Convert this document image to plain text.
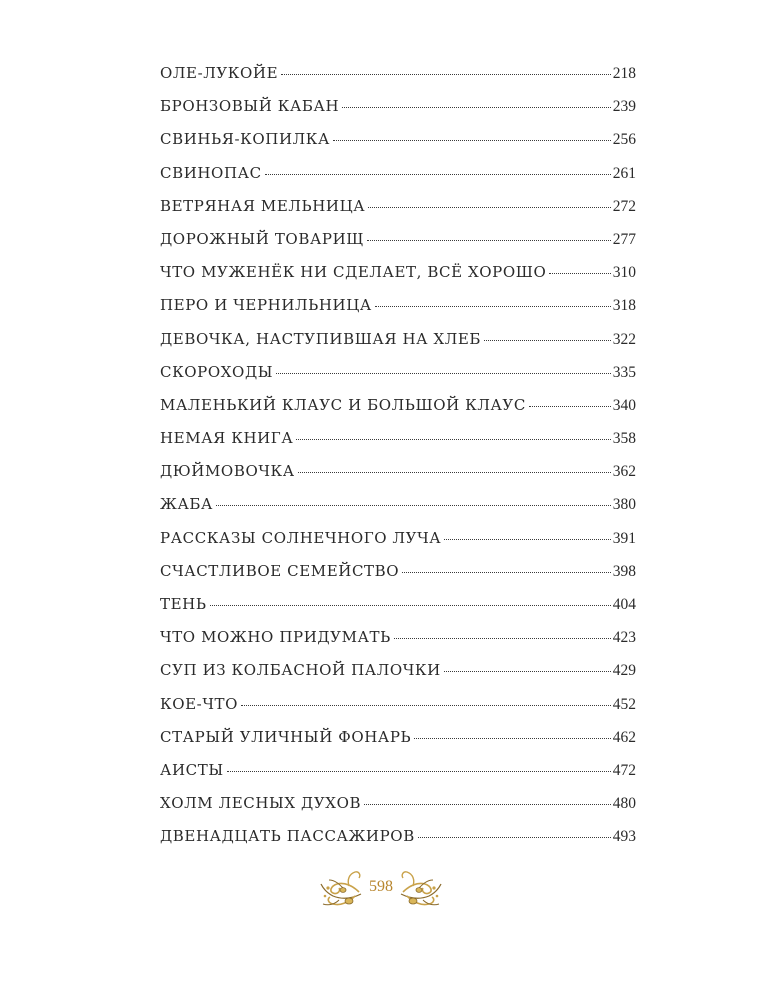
ОЛЕ-ЛУКОЙЕ	218
БРОНЗОВЫЙ КАБАН	239
СВИНЬЯ-КОПИЛКА	256
СВИНОПАС	261
ВЕТРЯНАЯ МЕЛЬНИЦА	272
ДОРОЖНЫЙ ТОВАРИЩ	277
ЧТО МУЖЕНЁК НИ СДЕЛАЕТ, ВСЁ ХОРОШО	310
ПЕРО И ЧЕРНИЛЬНИЦА	318
ДЕВОЧКА, НАСТУПИВШАЯ НА ХЛЕБ	322
СКОРОХОДЫ	335
МАЛЕНЬКИЙ КЛАУС И БОЛЬШОЙ КЛАУС	340
НЕМАЯ КНИГА	358
ДЮЙМОВОЧКА	362
ЖАБА	380
РАССКАЗЫ СОЛНЕЧНОГО ЛУЧА	391
СЧАСТЛИВОЕ СЕМЕЙСТВО	398
ТЕНЬ	404
ЧТО МОЖНО ПРИДУМАТЬ	423
СУП ИЗ КОЛБАСНОЙ ПАЛОЧКИ	429
КОЕ-ЧТО	452
СТАРЫЙ УЛИЧНЫЙ ФОНАРЬ	462
АИСТЫ	472
ХОЛМ ЛЕСНЫХ ДУХОВ	480
ДВЕНАДЦАТЬ ПАССАЖИРОВ	493
598
